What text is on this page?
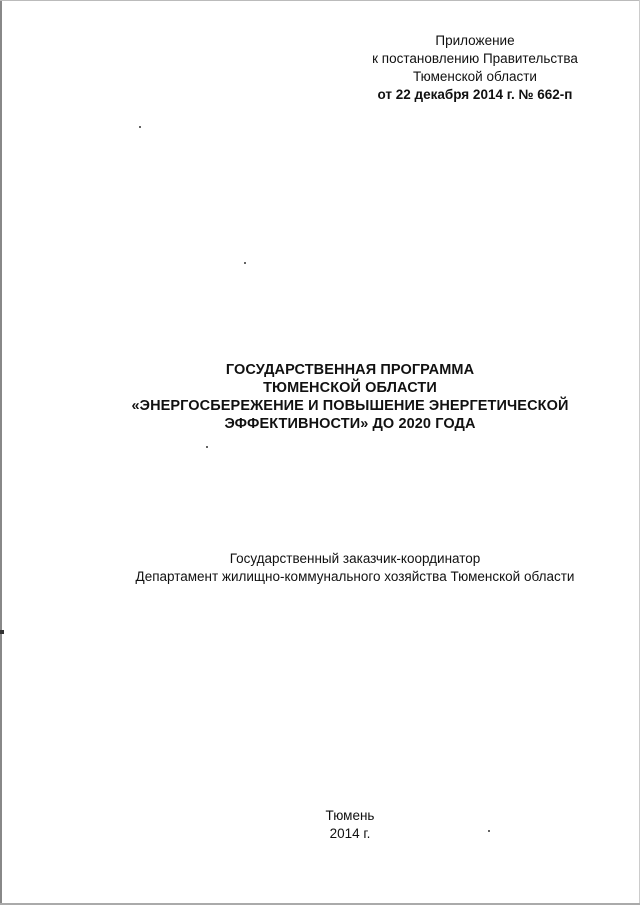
Приложение
к постановлению Правительства
Тюменской области
от 22 декабря 2014 г. № 662-п
ГОСУДАРСТВЕННАЯ ПРОГРАММА
ТЮМЕНСКОЙ ОБЛАСТИ
«ЭНЕРГОСБЕРЕЖЕНИЕ И ПОВЫШЕНИЕ ЭНЕРГЕТИЧЕСКОЙ
ЭФФЕКТИВНОСТИ» ДО 2020 ГОДА
Государственный заказчик-координатор
Департамент жилищно-коммунального хозяйства Тюменской области
Тюмень
2014 г.
